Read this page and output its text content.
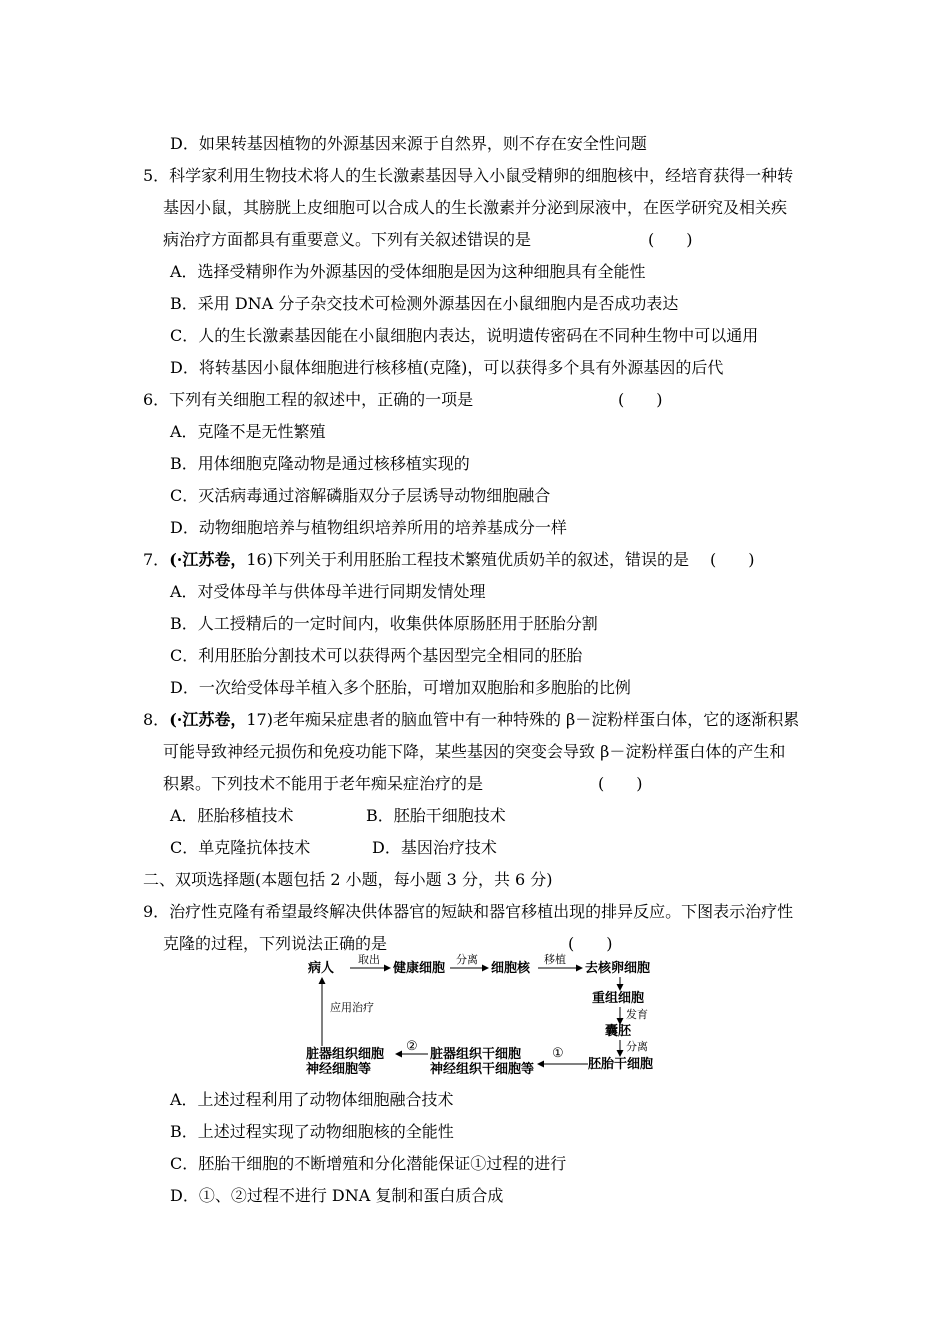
D．如果转基因植物的外源基因来源于自然界，则不存在安全性问题
5．科学家利用生物技术将人的生长激素基因导入小鼠受精卵的细胞核中，经培育获得一种转
基因小鼠，其膀胱上皮细胞可以合成人的生长激素并分泌到尿液中，在医学研究及相关疾
病治疗方面都具有重要意义。下列有关叙述错误的是	(　　)
A．选择受精卵作为外源基因的受体细胞是因为这种细胞具有全能性
B．采用 DNA 分子杂交技术可检测外源基因在小鼠细胞内是否成功表达
C．人的生长激素基因能在小鼠细胞内表达，说明遗传密码在不同种生物中可以通用
D．将转基因小鼠体细胞进行核移植(克隆)，可以获得多个具有外源基因的后代
6．下列有关细胞工程的叙述中，正确的一项是	(　　)
A．克隆不是无性繁殖
B．用体细胞克隆动物是通过核移植实现的
C．灭活病毒通过溶解磷脂双分子层诱导动物细胞融合
D．动物细胞培养与植物组织培养所用的培养基成分一样
7．(·江苏卷，16)下列关于利用胚胎工程技术繁殖优质奶羊的叙述，错误的是 (　　)
A．对受体母羊与供体母羊进行同期发情处理
B．人工授精后的一定时间内，收集供体原肠胚用于胚胎分割
C．利用胚胎分割技术可以获得两个基因型完全相同的胚胎
D．一次给受体母羊植入多个胚胎，可增加双胞胎和多胞胎的比例
8．(·江苏卷，17)老年痴呆症患者的脑血管中有一种特殊的 β－淀粉样蛋白体，它的逐渐积累
可能导致神经元损伤和免疫功能下降，某些基因的突变会导致 β－淀粉样蛋白体的产生和
积累。下列技术不能用于老年痴呆症治疗的是	(　　)
A．胚胎移植技术	B．胚胎干细胞技术
C．单克隆抗体技术	D．基因治疗技术
二、双项选择题(本题包括 2 小题，每小题 3 分，共 6 分)
9．治疗性克隆有希望最终解决供体器官的短缺和器官移植出现的排异反应。下图表示治疗性
克隆的过程，下列说法正确的是	(　　)
病人
取出
健康细胞
分离
细胞核
移植
去核卵细胞
重组细胞
发育
囊胚
分离
胚胎干细胞
①
脏器组织干细胞
神经组织干细胞等
②
脏器组织细胞
神经细胞等
应用治疗
A．上述过程利用了动物体细胞融合技术
B．上述过程实现了动物细胞核的全能性
C．胚胎干细胞的不断增殖和分化潜能保证①过程的进行
D．①、②过程不进行 DNA 复制和蛋白质合成
